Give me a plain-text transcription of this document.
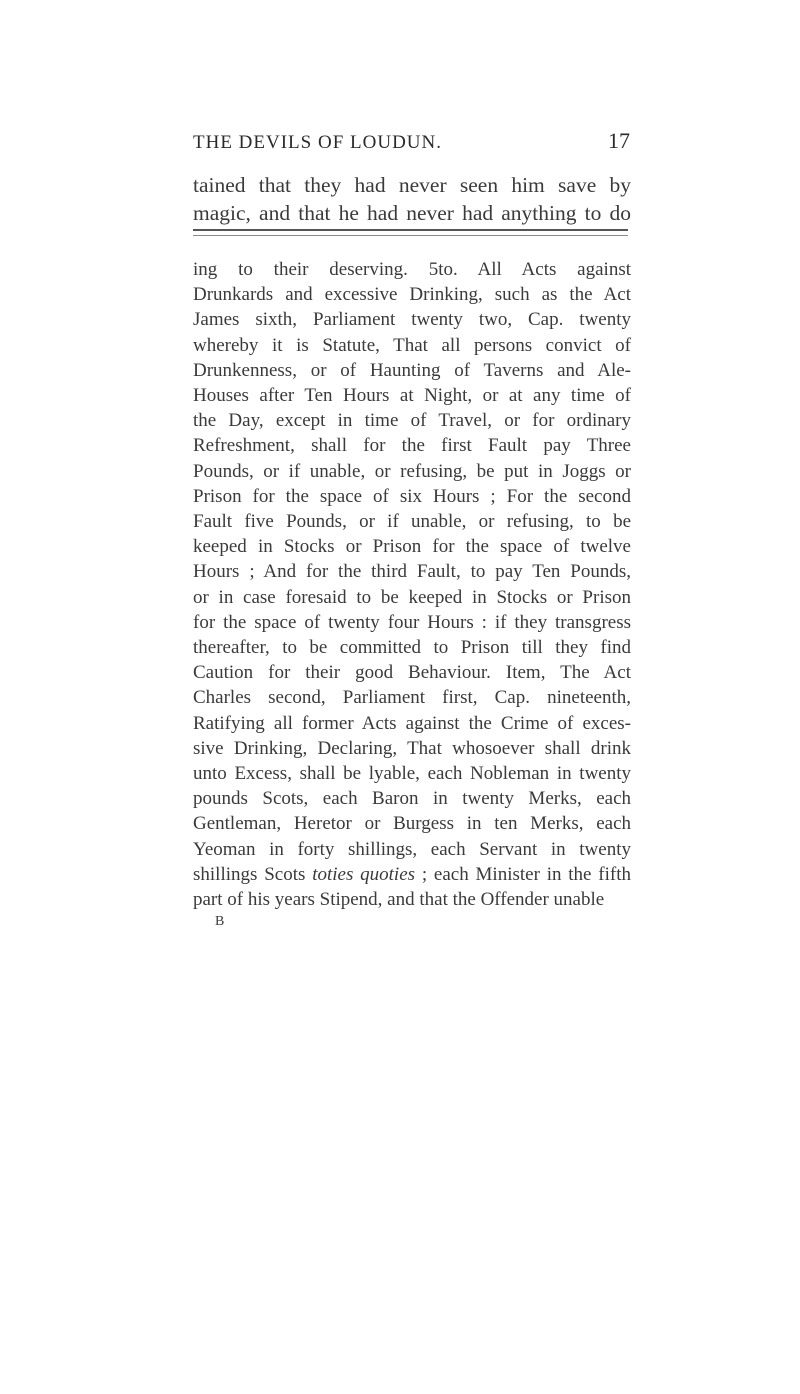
THE DEVILS OF LOUDUN.	17
tained that they had never seen him save by
magic, and that he had never had anything to do
ing to their deserving. 5to. All Acts against
Drunkards and excessive Drinking, such as the Act
James sixth, Parliament twenty two, Cap. twenty
whereby it is Statute, That all persons convict of
Drunkenness, or of Haunting of Taverns and Ale-
Houses after Ten Hours at Night, or at any time of
the Day, except in time of Travel, or for ordinary
Refreshment, shall for the first Fault pay Three
Pounds, or if unable, or refusing, be put in Joggs or
Prison for the space of six Hours ; For the second
Fault five Pounds, or if unable, or refusing, to be
keeped in Stocks or Prison for the space of twelve
Hours ; And for the third Fault, to pay Ten Pounds,
or in case foresaid to be keeped in Stocks or Prison
for the space of twenty four Hours : if they transgress
thereafter, to be committed to Prison till they find
Caution for their good Behaviour. Item, The Act
Charles second, Parliament first, Cap. nineteenth,
Ratifying all former Acts against the Crime of exces-
sive Drinking, Declaring, That whosoever shall drink
unto Excess, shall be lyable, each Nobleman in twenty
pounds Scots, each Baron in twenty Merks, each
Gentleman, Heretor or Burgess in ten Merks, each
Yeoman in forty shillings, each Servant in twenty
shillings Scots toties quoties ; each Minister in the fifth
part of his years Stipend, and that the Offender unable
B
